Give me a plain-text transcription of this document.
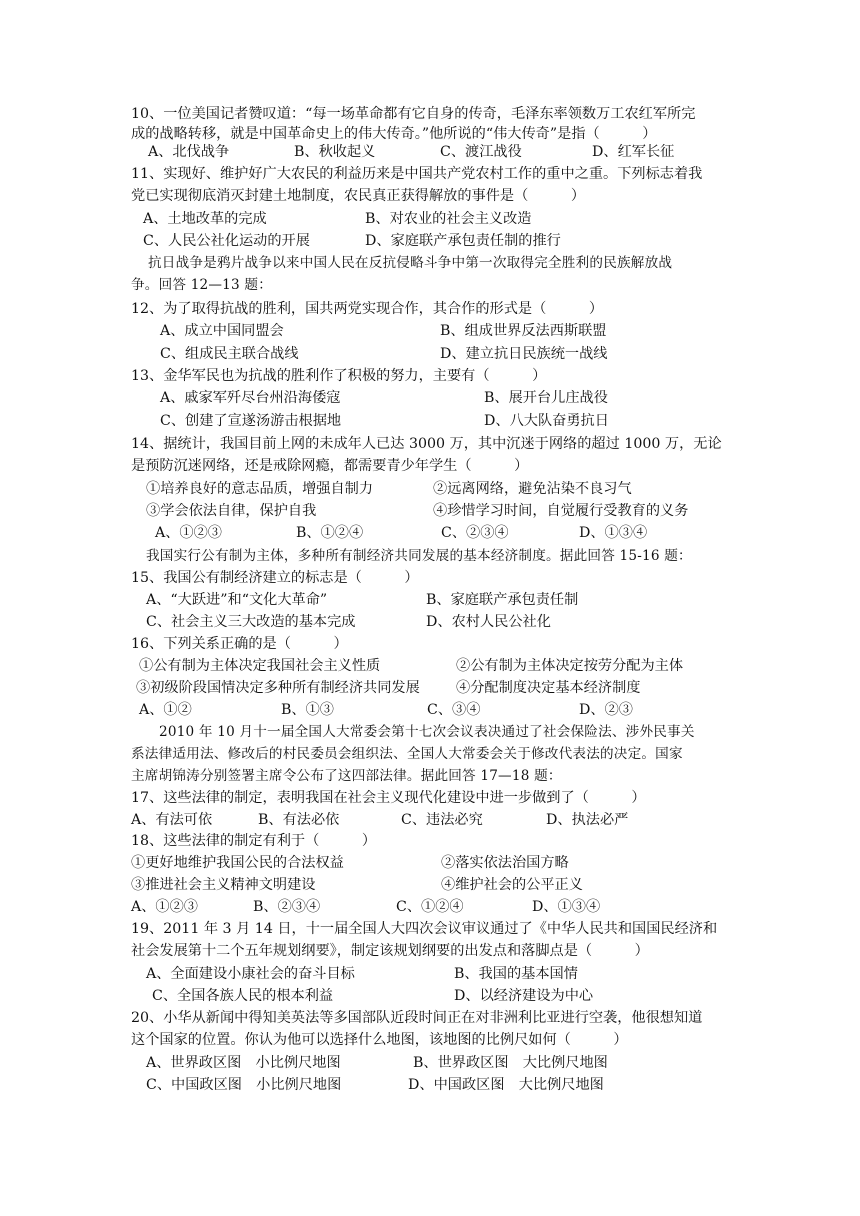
10、一位美国记者赞叹道：“每一场革命都有它自身的传奇，毛泽东率领数万工农红军所完
成的战略转移，就是中国革命史上的伟大传奇。”他所说的“伟大传奇”是指（　　　）
A、北伐战争	B、秋收起义	C、渡江战役	D、红军长征
11、实现好、维护好广大农民的利益历来是中国共产党农村工作的重中之重。下列标志着我
党已实现彻底消灭封建土地制度，农民真正获得解放的事件是（　　　）
A、土地改革的完成	B、对农业的社会主义改造
C、人民公社化运动的开展	D、家庭联产承包责任制的推行
抗日战争是鸦片战争以来中国人民在反抗侵略斗争中第一次取得完全胜利的民族解放战
争。回答 12—13 题：
12、为了取得抗战的胜利，国共两党实现合作，其合作的形式是（　　　）
A、成立中国同盟会	B、组成世界反法西斯联盟
C、组成民主联合战线	D、建立抗日民族统一战线
13、金华军民也为抗战的胜利作了积极的努力，主要有（　　　）
A、戚家军歼尽台州沿海倭寇	B、展开台儿庄战役
C、创建了宣遂汤游击根据地	D、八大队奋勇抗日
14、据统计，我国目前上网的未成年人已达 3000 万，其中沉迷于网络的超过 1000 万，无论
是预防沉迷网络，还是戒除网瘾，都需要青少年学生（　　　）
①培养良好的意志品质，增强自制力	②远离网络，避免沾染不良习气
③学会依法自律，保护自我	④珍惜学习时间，自觉履行受教育的义务
A、①②③	B、①②④	C、②③④	D、①③④
我国实行公有制为主体，多种所有制经济共同发展的基本经济制度。据此回答 15-16 题：
15、我国公有制经济建立的标志是（　　　）
A、“大跃进”和“文化大革命”	B、家庭联产承包责任制
C、社会主义三大改造的基本完成	D、农村人民公社化
16、下列关系正确的是（　　　）
①公有制为主体决定我国社会主义性质	②公有制为主体决定按劳分配为主体
③初级阶段国情决定多种所有制经济共同发展	④分配制度决定基本经济制度
A、①②	B、①③	C、③④	D、②③
2010 年 10 月十一届全国人大常委会第十七次会议表决通过了社会保险法、涉外民事关
系法律适用法、修改后的村民委员会组织法、全国人大常委会关于修改代表法的决定。国家
主席胡锦涛分别签署主席令公布了这四部法律。据此回答 17—18 题：
17、这些法律的制定，表明我国在社会主义现代化建设中进一步做到了（　　　）
A、有法可依	B、有法必依	C、违法必究	D、执法必严
18、这些法律的制定有利于（　　　）
①更好地维护我国公民的合法权益	②落实依法治国方略
③推进社会主义精神文明建设	④维护社会的公平正义
A、①②③	B、②③④	C、①②④	D、①③④
19、2011 年 3 月 14 日，十一届全国人大四次会议审议通过了《中华人民共和国国民经济和
社会发展第十二个五年规划纲要》，制定该规划纲要的出发点和落脚点是（　　　）
A、全面建设小康社会的奋斗目标	B、我国的基本国情
C、全国各族人民的根本利益	D、以经济建设为中心
20、小华从新闻中得知美英法等多国部队近段时间正在对非洲利比亚进行空袭，他很想知道
这个国家的位置。你认为他可以选择什么地图，该地图的比例尺如何（　　　）
A、世界政区图　小比例尺地图	B、世界政区图　大比例尺地图
C、中国政区图　小比例尺地图	D、中国政区图　大比例尺地图
